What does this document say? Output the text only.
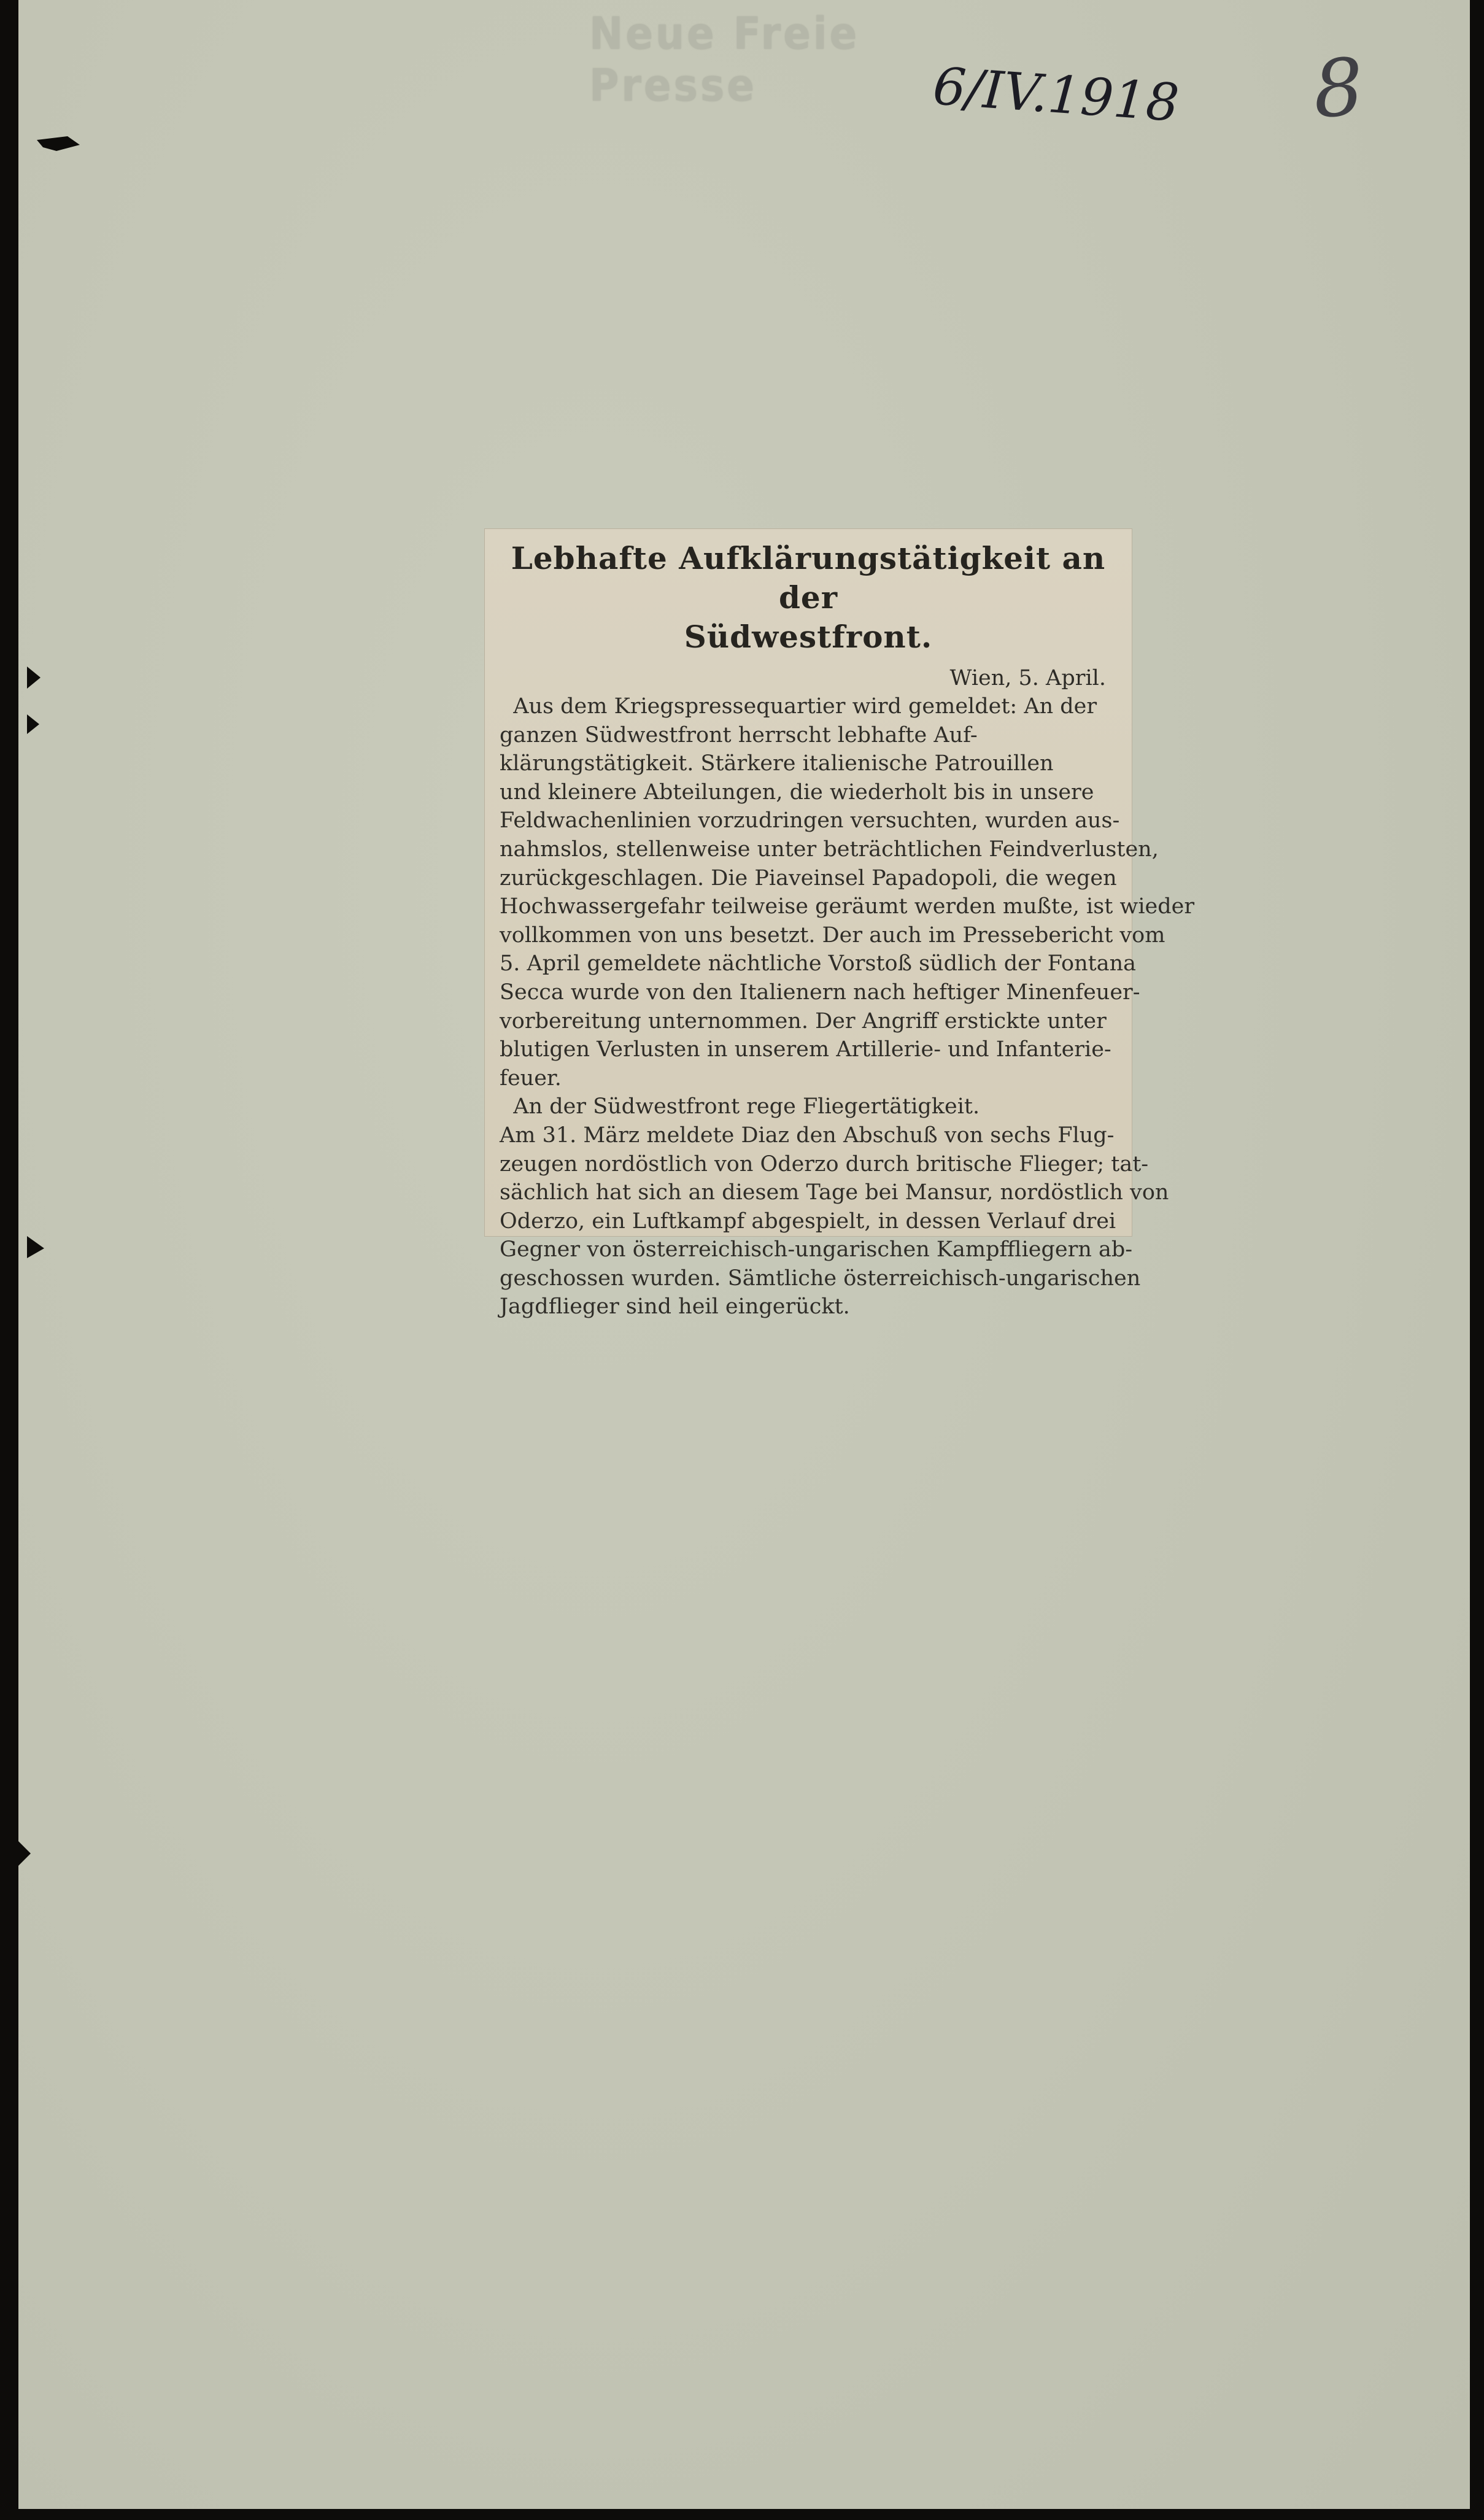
Neue Freie Presse	6/IV.1918 8
Lebhafte Aufklärungstätigkeit an der
Südwestfront.
Wien, 5. April.

Aus dem Kriegspressequartier wird gemeldet: An der
ganzen Südwestfront herrscht lebhafte Auf-
klärungstätigkeit. Stärkere italienische Patrouillen
und kleinere Abteilungen, die wiederholt bis in unsere
Feldwachenlinien vorzudringen versuchten, wurden aus-
nahmslos, stellenweise unter beträchtlichen Feindverlusten,
zurückgeschlagen. Die Piaveinsel Papadopoli, die wegen
Hochwassergefahr teilweise geräumt werden mußte, ist wieder
vollkommen von uns besetzt. Der auch im Pressebericht vom
5. April gemeldete nächtliche Vorstoß südlich der Fontana
Secca wurde von den Italienern nach heftiger Minenfeuer-
vorbereitung unternommen. Der Angriff erstickte unter
blutigen Verlusten in unserem Artillerie- und Infanterie-
feuer.

An der Südwestfront rege Fliegertätigkeit.
Am 31. März meldete Diaz den Abschuß von sechs Flug-
zeugen nordöstlich von Oderzo durch britische Flieger; tat-
sächlich hat sich an diesem Tage bei Mansur, nordöstlich von
Oderzo, ein Luftkampf abgespielt, in dessen Verlauf drei
Gegner von österreichisch-ungarischen Kampffliegern ab-
geschossen wurden. Sämtliche österreichisch-ungarischen
Jagdflieger sind heil eingerückt.
